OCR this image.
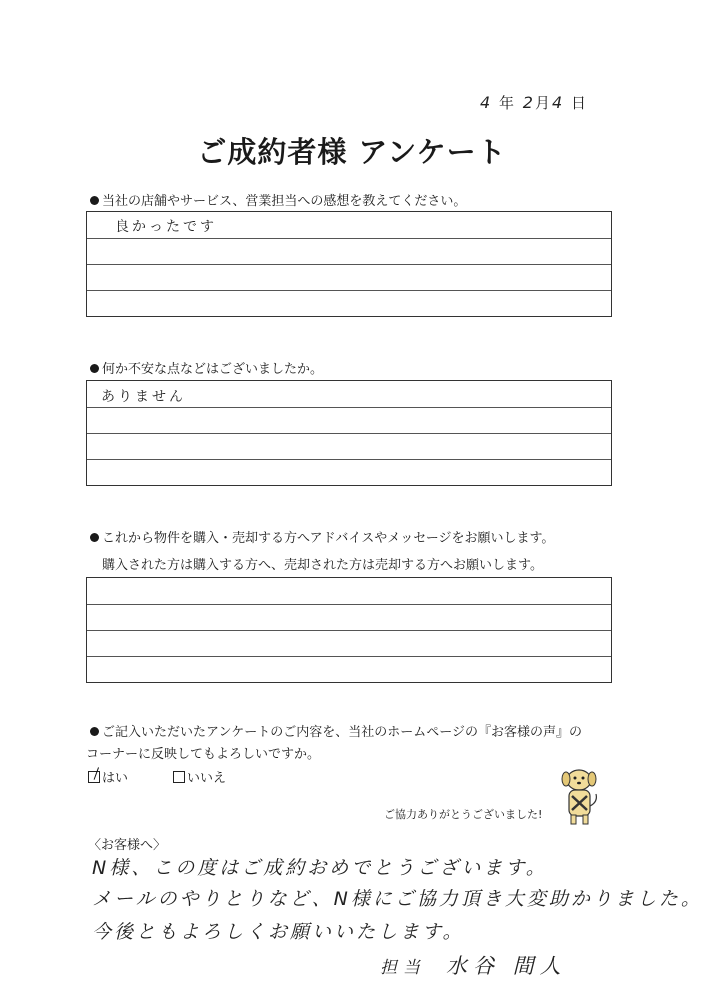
4 年 2月4 日
ご成約者様 アンケート
当社の店舗やサービス、営業担当への感想を教えてください。
良かったです
何か不安な点などはございましたか。
ありません
これから物件を購入・売却する方へアドバイスやメッセージをお願いします。
購入された方は購入する方へ、売却された方は売却する方へお願いします。
ご記入いただいたアンケートのご内容を、当社のホームページの『お客様の声』の
コーナーに反映してもよろしいですか。
はい	いいえ
ご協力ありがとうございました!
〈お客様へ〉
N様、この度はご成約おめでとうございます。
メールのやりとりなど、N様にご協力頂き大変助かりました。
今後ともよろしくお願いいたします。
担当 水谷 間人
